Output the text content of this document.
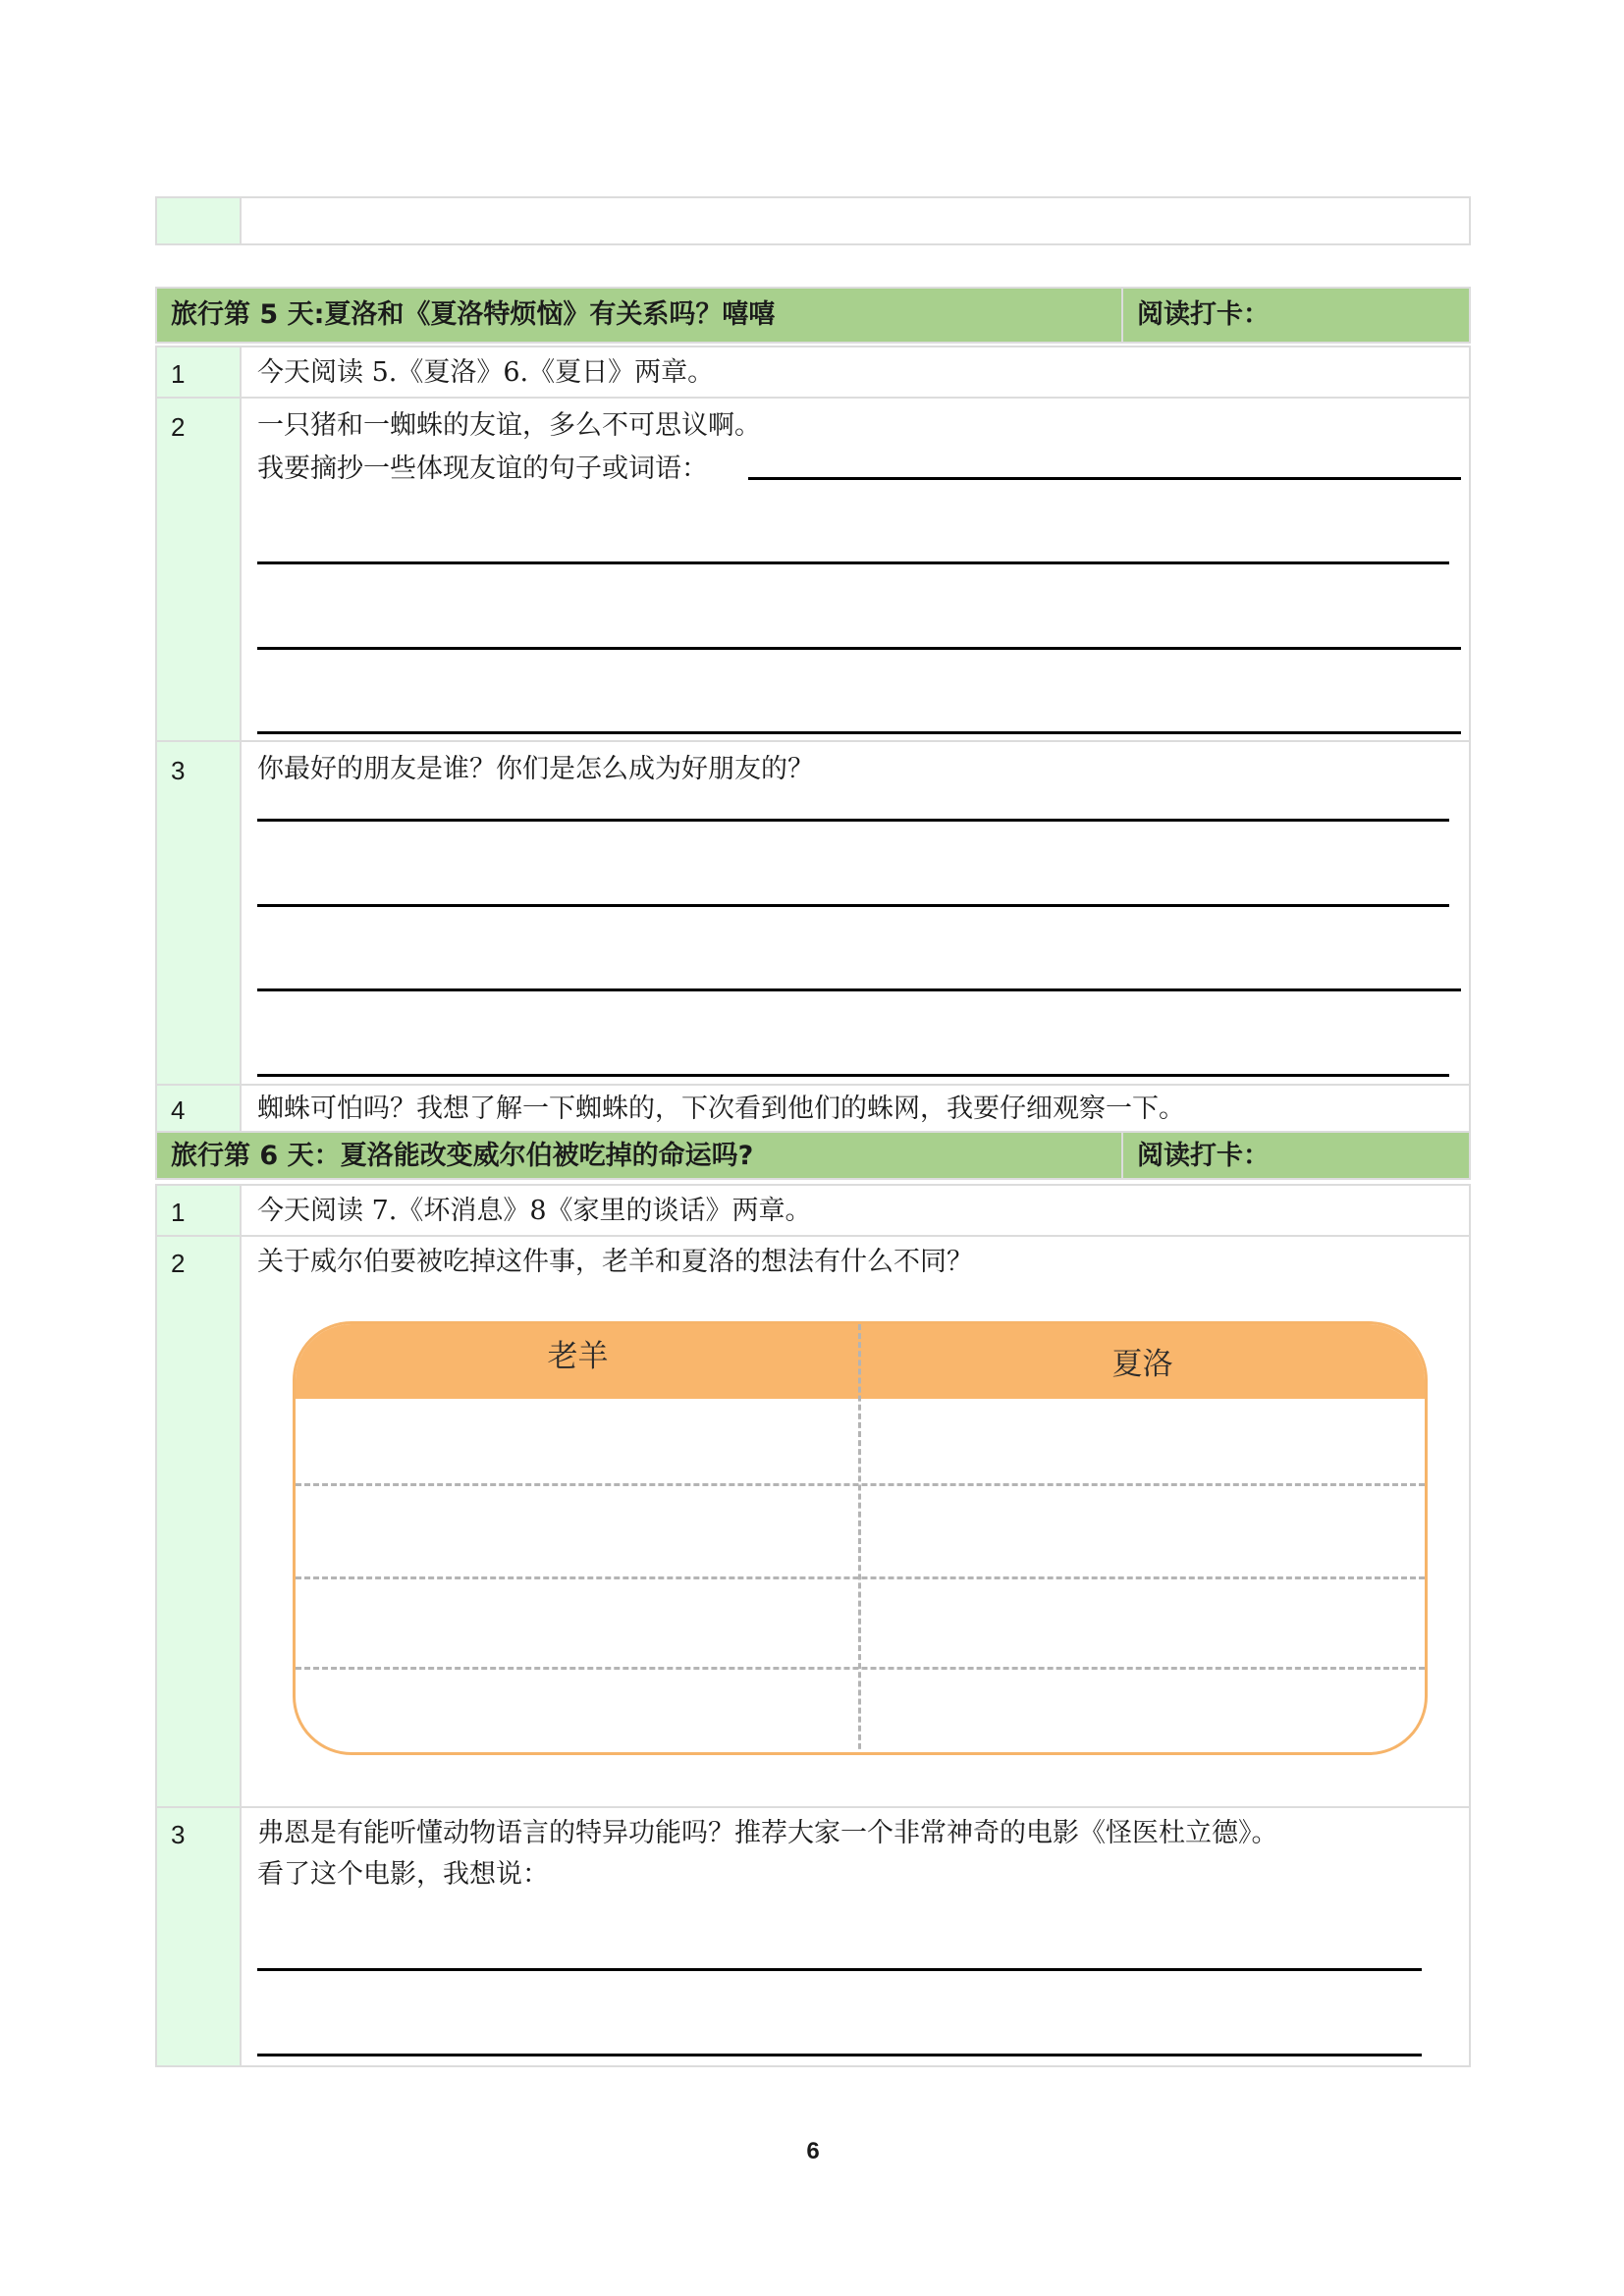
旅行第 5 天:夏洛和《夏洛特烦恼》有关系吗？嘻嘻	阅读打卡：
1	今天阅读 5.《夏洛》6.《夏日》两章。
2	一只猪和一蜘蛛的友谊，多么不可思议啊。
我要摘抄一些体现友谊的句子或词语：
3	你最好的朋友是谁？你们是怎么成为好朋友的？
4	蜘蛛可怕吗？我想了解一下蜘蛛的，下次看到他们的蛛网，我要仔细观察一下。
旅行第 6 天：夏洛能改变威尔伯被吃掉的命运吗?	阅读打卡：
1	今天阅读 7.《坏消息》8《家里的谈话》两章。
2	关于威尔伯要被吃掉这件事，老羊和夏洛的想法有什么不同？
老羊	夏洛
3	弗恩是有能听懂动物语言的特异功能吗？推荐大家一个非常神奇的电影《怪医杜立德》。
看了这个电影，我想说：
6
